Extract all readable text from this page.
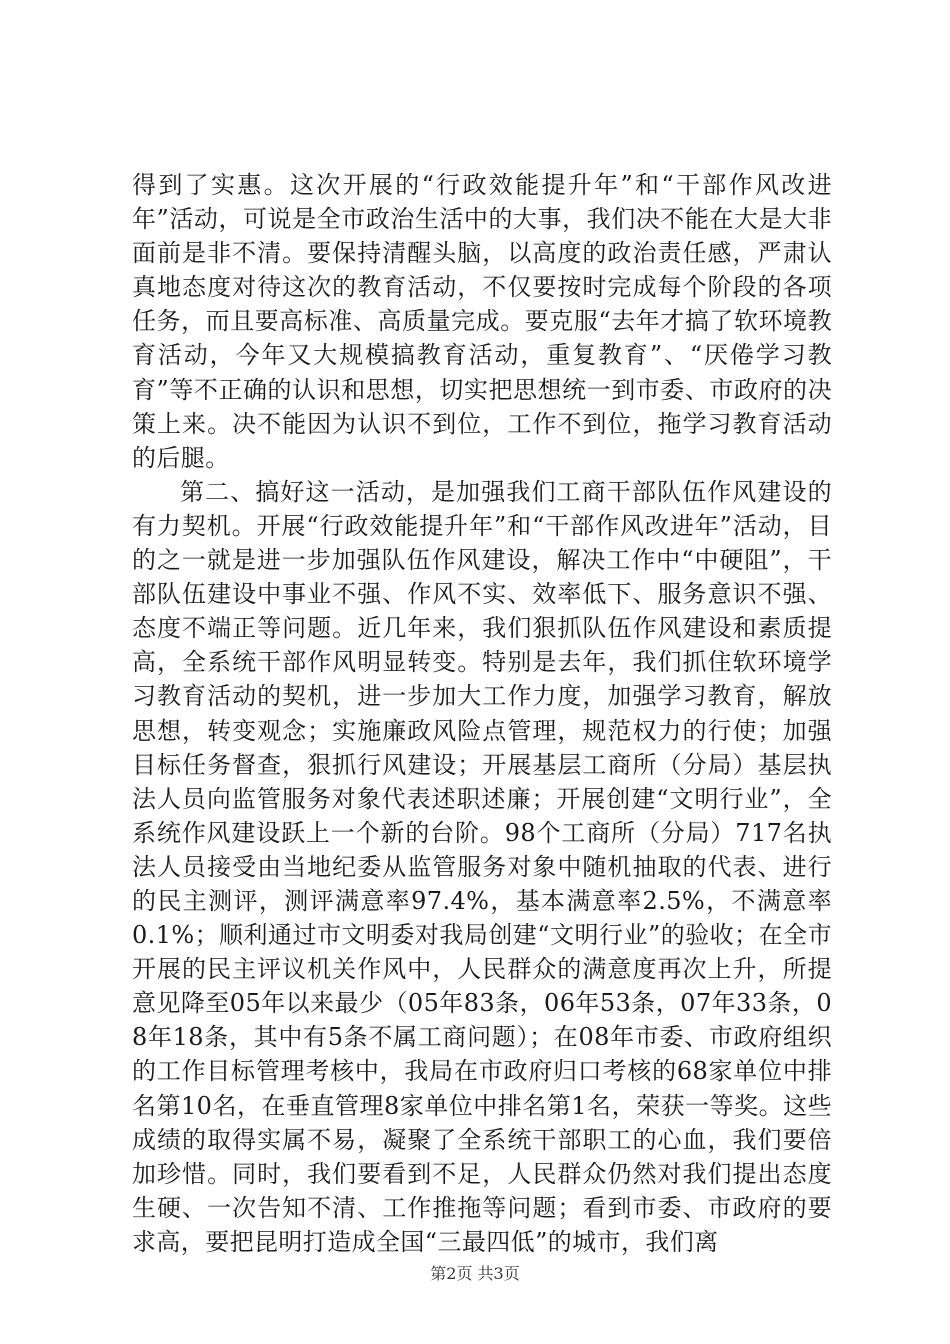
得到了实惠。这次开展的“行政效能提升年”和“干部作风改进年”活动，可说是全市政治生活中的大事，我们决不能在大是大非面前是非不清。要保持清醒头脑，以高度的政治责任感，严肃认真地态度对待这次的教育活动，不仅要按时完成每个阶段的各项任务，而且要高标准、高质量完成。要克服“去年才搞了软环境教育活动，今年又大规模搞教育活动，重复教育”、“厌倦学习教育”等不正确的认识和思想，切实把思想统一到市委、市政府的决策上来。决不能因为认识不到位，工作不到位，拖学习教育活动的后腿。

第二、搞好这一活动，是加强我们工商干部队伍作风建设的有力契机。开展“行政效能提升年”和“干部作风改进年”活动，目的之一就是进一步加强队伍作风建设，解决工作中“中硬阻”，干部队伍建设中事业不强、作风不实、效率低下、服务意识不强、态度不端正等问题。近几年来，我们狠抓队伍作风建设和素质提高，全系统干部作风明显转变。特别是去年，我们抓住软环境学习教育活动的契机，进一步加大工作力度，加强学习教育，解放思想，转变观念；实施廉政风险点管理，规范权力的行使；加强目标任务督查，狠抓行风建设；开展基层工商所（分局）基层执法人员向监管服务对象代表述职述廉；开展创建“文明行业”，全系统作风建设跃上一个新的台阶。98个工商所（分局）717名执法人员接受由当地纪委从监管服务对象中随机抽取的代表、进行的民主测评，测评满意率97.4%，基本满意率2.5%，不满意率0.1%；顺利通过市文明委对我局创建“文明行业”的验收；在全市开展的民主评议机关作风中，人民群众的满意度再次上升，所提意见降至05年以来最少（05年83条，06年53条，07年33条，08年18条，其中有5条不属工商问题）；在08年市委、市政府组织的工作目标管理考核中，我局在市政府归口考核的68家单位中排名第10名，在垂直管理8家单位中排名第1名，荣获一等奖。这些成绩的取得实属不易，凝聚了全系统干部职工的心血，我们要倍加珍惜。同时，我们要看到不足，人民群众仍然对我们提出态度生硬、一次告知不清、工作推拖等问题；看到市委、市政府的要求高，要把昆明打造成全国“三最四低”的城市，我们离

第2页 共3页
